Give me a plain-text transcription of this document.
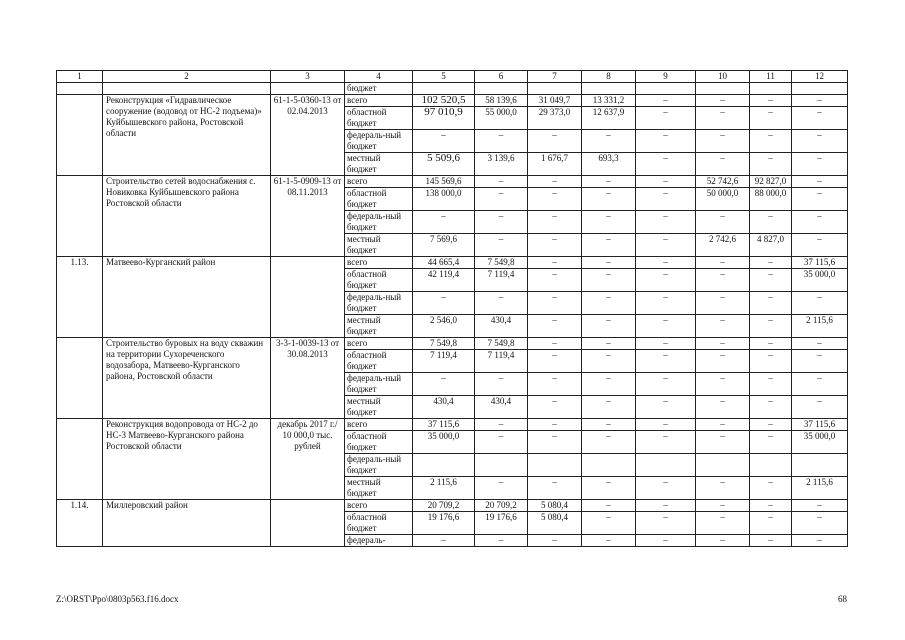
1	2	3	4	5	6	7	8	9	10	11	12

	бюджет								

	Реконструкция «Гидравлическое сооружение (водовод от НС-2 подъема)» Куйбышевского района, Ростовской области	61-1-5-0360-13 от 02.04.2013	всего	102 520,5	58 139,6	31 049,7	13 331,2	–	–	–	–
			областной бюджет	97 010,9	55 000,0	29 373,0	12 637,9	–	–	–	–
			федераль-ный бюджет	–	–	–	–	–	–	–	–
			местный бюджет	5 509,6	3 139,6	1 676,7	693,3	–	–	–	–

	Строительство сетей водоснабжения с. Новиковка Куйбышевского района Ростовской области	61-1-5-0909-13 от 08.11.2013	всего	145 569,6	–	–	–	–	52 742,6	92 827,0	–
			областной бюджет	138 000,0	–	–	–	–	50 000,0	88 000,0	–
			федераль-ный бюджет	–	–	–	–	–	–	–	–
			местный бюджет	7 569,6	–	–	–	–	2 742,6	4 827,0	–
1.13.	Матвеево-Курганский район		всего	44 665,4	7 549,8	–	–	–	–	–	37 115,6
			областной бюджет	42 119,4	7 119,4	–	–	–	–	–	35 000,0
			федераль-ный бюджет	–	–	–	–	–	–	–	–
			местный бюджет	2 546,0	430,4	–	–	–	–	–	2 115,6

	Строительство буровых на воду скважин на территории Сухореченского водозабора, Матвеево-Курганского района, Ростовской области	3-3-1-0039-13 от 30.08.2013	всего	7 549,8	7 549,8	–	–	–	–	–	–
			областной бюджет	7 119,4	7 119,4	–	–	–	–	–	–
			федераль-ный бюджет	–	–	–	–	–	–	–	–
			местный бюджет	430,4	430,4	–	–	–	–	–	–

	Реконструкция водопровода от НС-2 до НС-3 Матвеево-Курганского района Ростовской области	декабрь 2017 г./ 10 000,0 тыс. рублей	всего	37 115,6	–	–	–	–	–	–	37 115,6
			областной бюджет	35 000,0	–	–	–	–	–	–	35 000,0
			федераль-ный бюджет								
			местный бюджет	2 115,6	–	–	–	–	–	–	2 115,6
1.14.	Миллеровский район		всего	20 709,2	20 709,2	5 080,4	–	–	–	–	–
			областной бюджет	19 176,6	19 176,6	5 080,4	–	–	–	–	–
			федераль-	–	–	–	–	–	–	–	–
Z:\ORST\Ppo\0803p563.f16.docx	68
